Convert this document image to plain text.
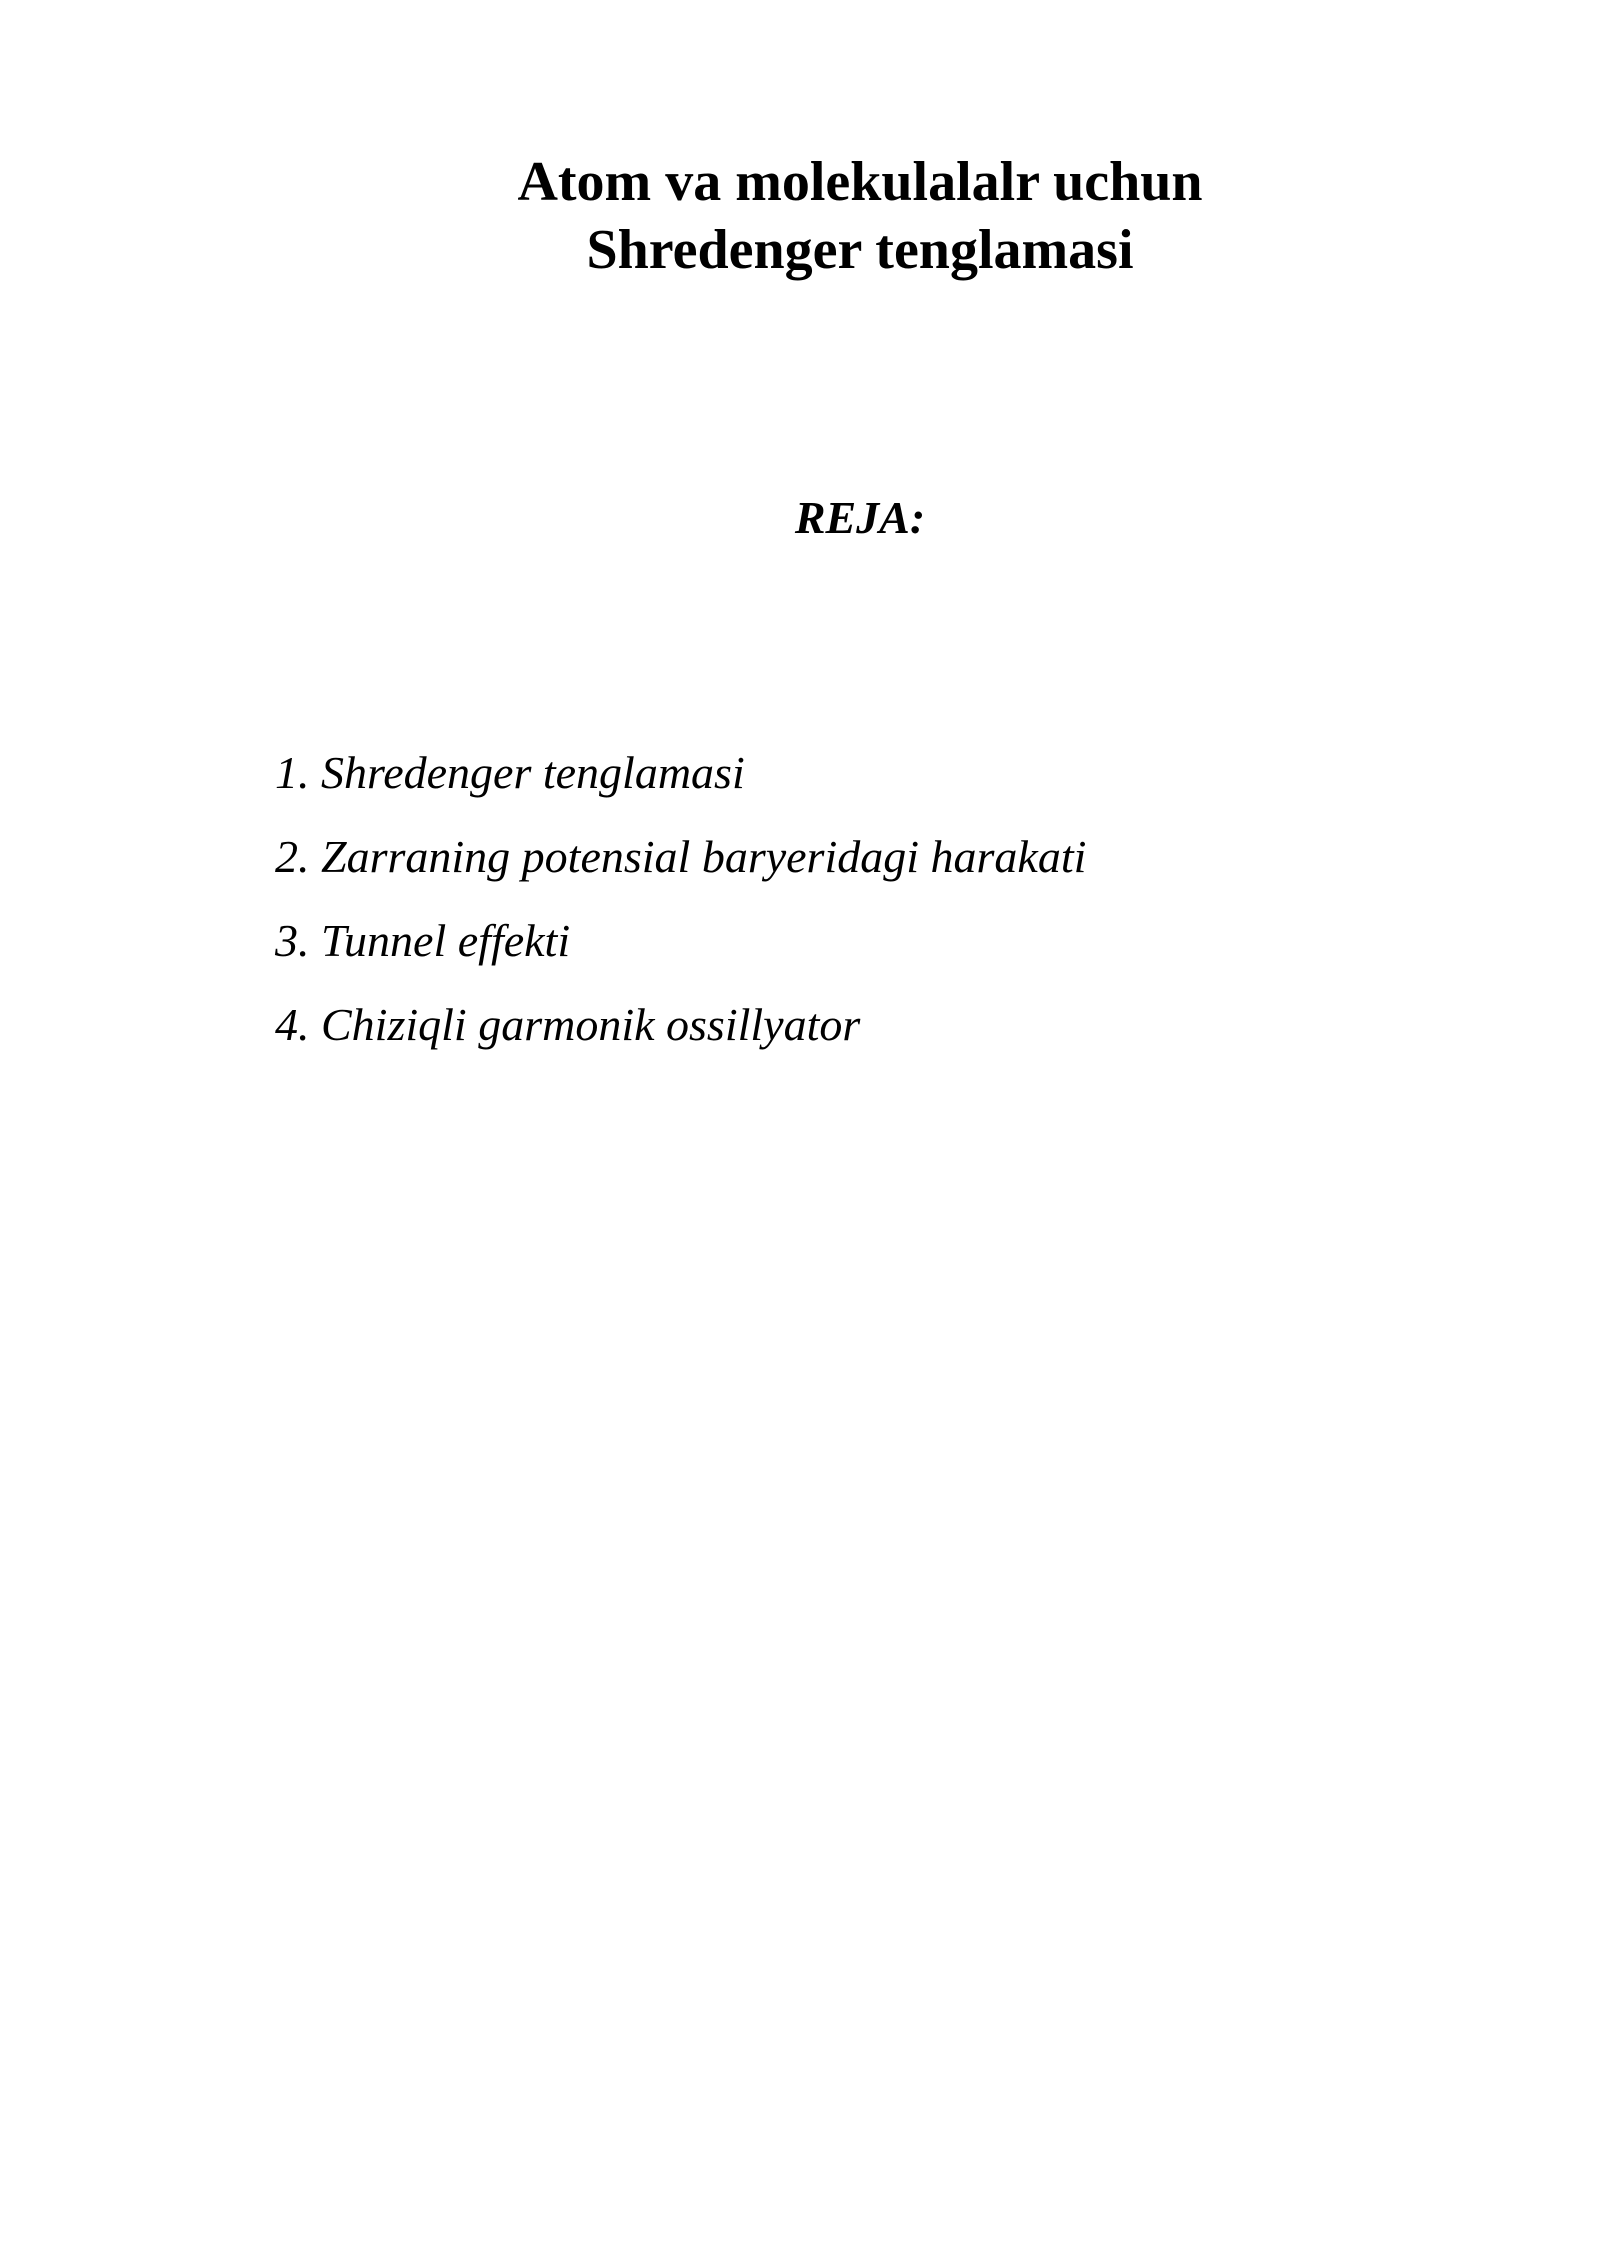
Atom va molekulalalr uchun
Shredenger tenglamasi
REJA:
1. Shredenger tenglamasi
2. Zarraning potensial baryeridagi harakati
3. Tunnel effekti
4. Chiziqli garmonik ossillyator
